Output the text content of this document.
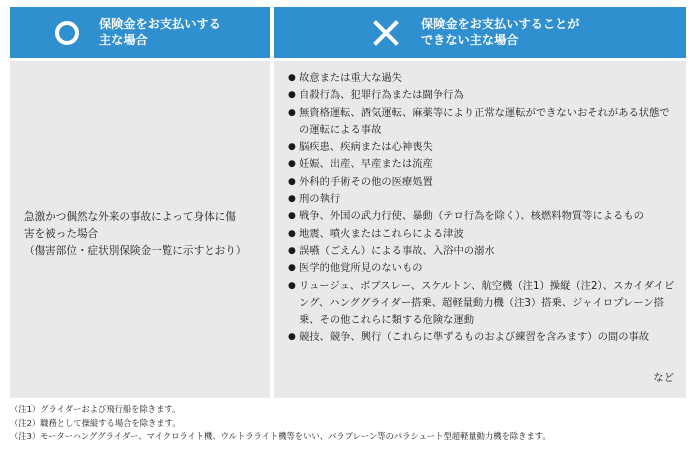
保険金をお支払いする
主な場合
保険金をお支払いすることが
できない主な場合
急激かつ偶然な外来の事故によって身体に傷
害を被った場合
（傷害部位・症状別保険金一覧に示すとおり）
● 故意または重大な過失
● 自殺行為、犯罪行為または闘争行為
● 無資格運転、酒気運転、麻薬等により正常な運転ができないおそれがある状態での運転による事故
● 脳疾患、疾病または心神喪失
● 妊娠、出産、早産または流産
● 外科的手術その他の医療処置
● 刑の執行
● 戦争、外国の武力行使、暴動（テロ行為を除く）、核燃料物質等によるもの
● 地震、噴火またはこれらによる津波
● 誤嚥（ごえん）による事故、入浴中の溺水
● 医学的他覚所見のないもの
● リュージュ、ボブスレー、スケルトン、航空機（注1）操縦（注2）、スカイダイビング、ハンググライダー搭乗、超軽量動力機（注3）搭乗、ジャイロプレーン搭乗、その他これらに類する危険な運動
● 競技、競争、興行（これらに準ずるものおよび練習を含みます）の間の事故
など
（注1）グライダーおよび飛行船を除きます。
（注2）職務として操縦する場合を除きます。
（注3）モーターハンググライダー、マイクロライト機、ウルトラライト機等をいい、パラプレーン等のパラシュート型超軽量動力機を除きます。
